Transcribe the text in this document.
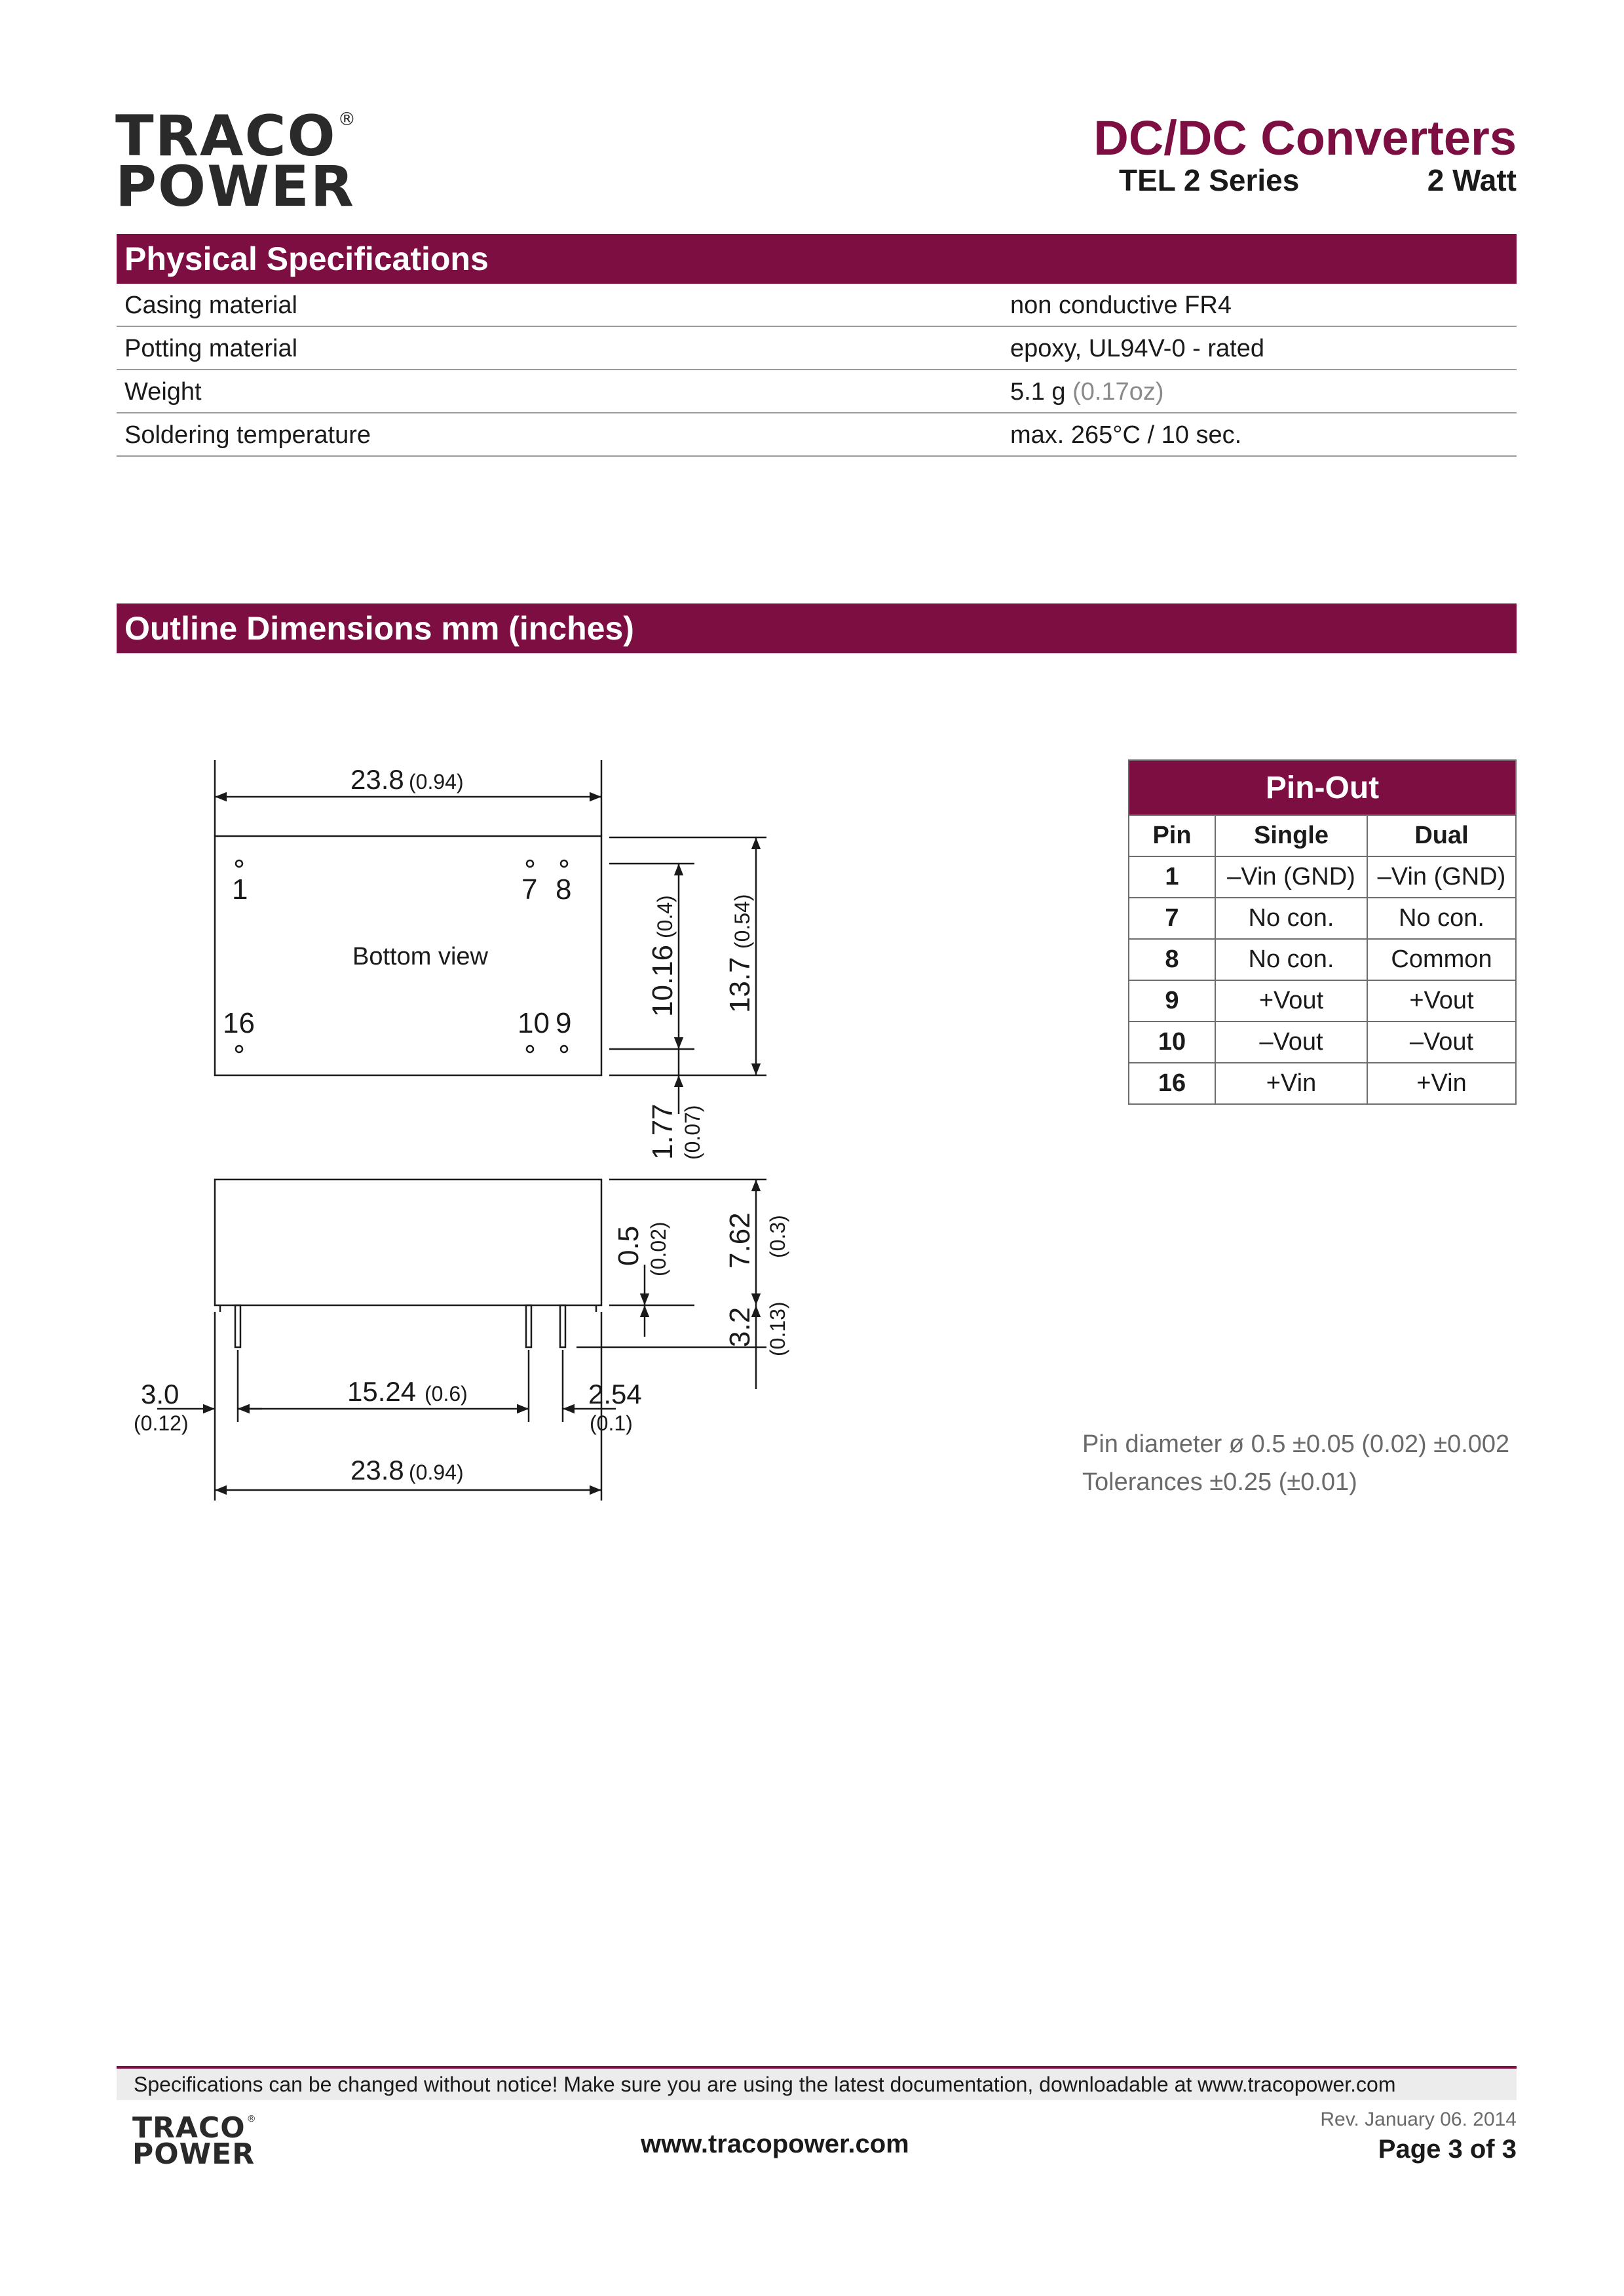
TRACO®
POWER
DC/DC Converters
TEL 2 Series	2 Watt
Physical Specifications
Casing material	non conductive FR4
Potting material	epoxy, UL94V-0 - rated
Weight	5.1 g (0.17oz)
Soldering temperature	max. 265°C / 10 sec.
Outline Dimensions mm (inches)
23.8 (0.94)
1	7 8
16	10 9
Bottom view	10.16
(0.4)
13.7
(0.54)
1.77 (0.07)
0.5 (0.02) 7.62 (0.3)
3.2 (0.13)
3.0
(0.12)
15.24 (0.6)	2.54
(0.1)
23.8 (0.94)
Pin-Out		
Pin	Single	Dual
1	–Vin (GND)	–Vin (GND)
7	No con.	No con.
8	No con.	Common
9	+Vout	+Vout
10	–Vout	–Vout
16	+Vin	+Vin
Pin diameter ø 0.5 ±0.05 (0.02) ±0.002
Tolerances ±0.25 (±0.01)
Specifications can be changed without notice! Make sure you are using the latest documentation, downloadable at www.tracopower.com
TRACO ®
POWER	www.tracopower.com
Rev. January 06. 2014
Page 3 of 3
